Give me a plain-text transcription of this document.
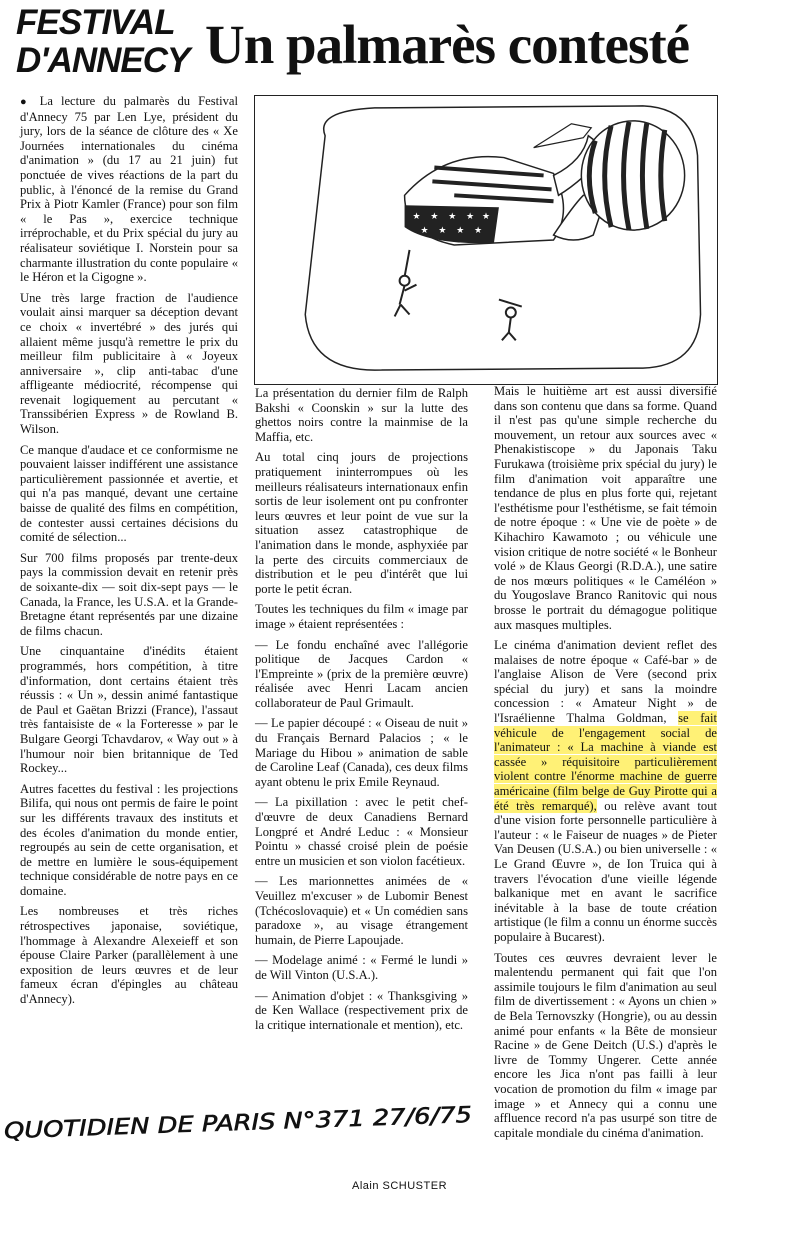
FESTIVAL
D'ANNECY Un palmarès contesté

● La lecture du palmarès du Festival d'Annecy 75 par Len Lye, président du jury, lors de la séance de clôture des « Xe Journées internationales du cinéma d'animation » (du 17 au 21 juin) fut ponctuée de vives réactions de la part du public, à l'énoncé de la remise du Grand Prix à Piotr Kamler (France) pour son film « le Pas », exercice technique irréprochable, et du Prix spécial du jury au réalisateur soviétique I. Norstein pour sa charmante illustration du conte populaire « le Héron et la Cigogne ».

Une très large fraction de l'audience voulait ainsi marquer sa déception devant ce choix « invertébré » des jurés qui allaient même jusqu'à remettre le prix du meilleur film publicitaire à « Joyeux anniversaire », clip anti-tabac d'une affligeante médiocrité, récompense qui revenait logiquement au percutant « Transsibérien Express » de Rowland B. Wilson.

Ce manque d'audace et ce conformisme ne pouvaient laisser indifférent une assistance particulièrement passionnée et avertie, et qui n'a pas manqué, devant une certaine baisse de qualité des films en compétition, de contester aussi certaines décisions du comité de sélection...

Sur 700 films proposés par trente-deux pays la commission devait en retenir près de soixante-dix — soit dix-sept pays — le Canada, la France, les U.S.A. et la Grande-Bretagne étant représentés par une dizaine de films chacun.

Une cinquantaine d'inédits étaient programmés, hors compétition, à titre d'information, dont certains étaient très réussis : « Un », dessin animé fantastique de Paul et Gaëtan Brizzi (France), l'assaut très fantaisiste de « la Forteresse » par le Bulgare Georgi Tchavdarov, « Way out » à l'humour noir bien britannique de Ted Rockey...

Autres facettes du festival : les projections Bilifa, qui nous ont permis de faire le point sur les différents travaux des instituts et des écoles d'animation du monde entier, regroupés au sein de cette organisation, et de mettre en lumière le sous-équipement technique considérable de notre pays en ce domaine.

Les nombreuses et très riches rétrospectives japonaise, soviétique, l'hommage à Alexandre Alexeieff et son épouse Claire Parker (parallèlement à une exposition de leurs œuvres et de leur fameux écran d'épingles au château d'Annecy).

★ ★ ★ ★ ★
★ ★ ★ ★

La présentation du dernier film de Ralph Bakshi « Coonskin » sur la lutte des ghettos noirs contre la mainmise de la Maffia, etc.

Au total cinq jours de projections pratiquement ininterrompues où les meilleurs réalisateurs internationaux enfin sortis de leur isolement ont pu confronter leurs œuvres et leur point de vue sur la situation assez catastrophique de l'animation dans le monde, asphyxiée par la perte des circuits commerciaux de distribution et le peu d'intérêt que lui porte le petit écran.

Toutes les techniques du film « image par image » étaient représentées :

— Le fondu enchaîné avec l'allégorie politique de Jacques Cardon « l'Empreinte » (prix de la première œuvre) réalisée avec Henri Lacam ancien collaborateur de Paul Grimault.

— Le papier découpé : « Oiseau de nuit » du Français Bernard Palacios ; « le Mariage du Hibou » animation de sable de Caroline Leaf (Canada), ces deux films ayant obtenu le prix Emile Reynaud.

— La pixillation : avec le petit chef-d'œuvre de deux Canadiens Bernard Longpré et André Leduc : « Monsieur Pointu » chassé croisé plein de poésie entre un musicien et son violon facétieux.

— Les marionnettes animées de « Veuillez m'excuser » de Lubomir Benest (Tchécoslovaquie) et « Un comédien sans paradoxe », au visage étrangement humain, de Pierre Lapoujade.

— Modelage animé : « Fermé le lundi » de Will Vinton (U.S.A.).

— Animation d'objet : « Thanksgiving » de Ken Wallace (respectivement prix de la critique internationale et mention), etc.

Mais le huitième art est aussi diversifié dans son contenu que dans sa forme. Quand il n'est pas qu'une simple recherche du mouvement, un retour aux sources avec « Phenakistiscope » du Japonais Taku Furukawa (troisième prix spécial du jury) le film d'animation voit apparaître une tendance de plus en plus forte qui, rejetant l'esthétisme pour l'esthétisme, se fait témoin de notre époque : « Une vie de poète » de Kihachiro Kawamoto ; ou véhicule une vision critique de notre société « le Bonheur volé » de Klaus Georgi (R.D.A.), une satire de nos mœurs politiques « le Caméléon » du Yougoslave Branco Ranitovic qui nous brosse le portrait du démagogue politique aux masques multiples.

Le cinéma d'animation devient reflet des malaises de notre époque « Café-bar » de l'anglaise Alison de Vere (second prix spécial du jury) et sans la moindre concession : « Amateur Night » de l'Israélienne Thalma Goldman, se fait véhicule de l'engagement social de l'animateur : « La machine à viande est cassée » réquisitoire particulièrement violent contre l'énorme machine de guerre américaine (film belge de Guy Pirotte qui a été très remarqué), ou relève avant tout d'une vision forte personnelle particulière à l'auteur : « le Faiseur de nuages » de Pieter Van Deusen (U.S.A.) ou bien universelle : « Le Grand Œuvre », de Ion Truica qui à travers l'évocation d'une vieille légende balkanique met en avant le sacrifice inévitable à la base de toute création artistique (le film a connu un énorme succès populaire à Bucarest).

Toutes ces œuvres devraient lever le malentendu permanent qui fait que l'on assimile toujours le film d'animation au seul film de divertissement : « Ayons un chien » de Bela Ternovszky (Hongrie), ou au dessin animé pour enfants « la Bête de monsieur Racine » de Gene Deitch (U.S.) d'après le livre de Tommy Ungerer. Cette année encore les Jica n'ont pas failli à leur vocation de promotion du film « image par image » et Annecy qui a connu une affluence record n'a pas usurpé son titre de capitale mondiale du cinéma d'animation.

QUOTIDIEN DE PARIS N°371 27/6/75
Alain SCHUSTER
